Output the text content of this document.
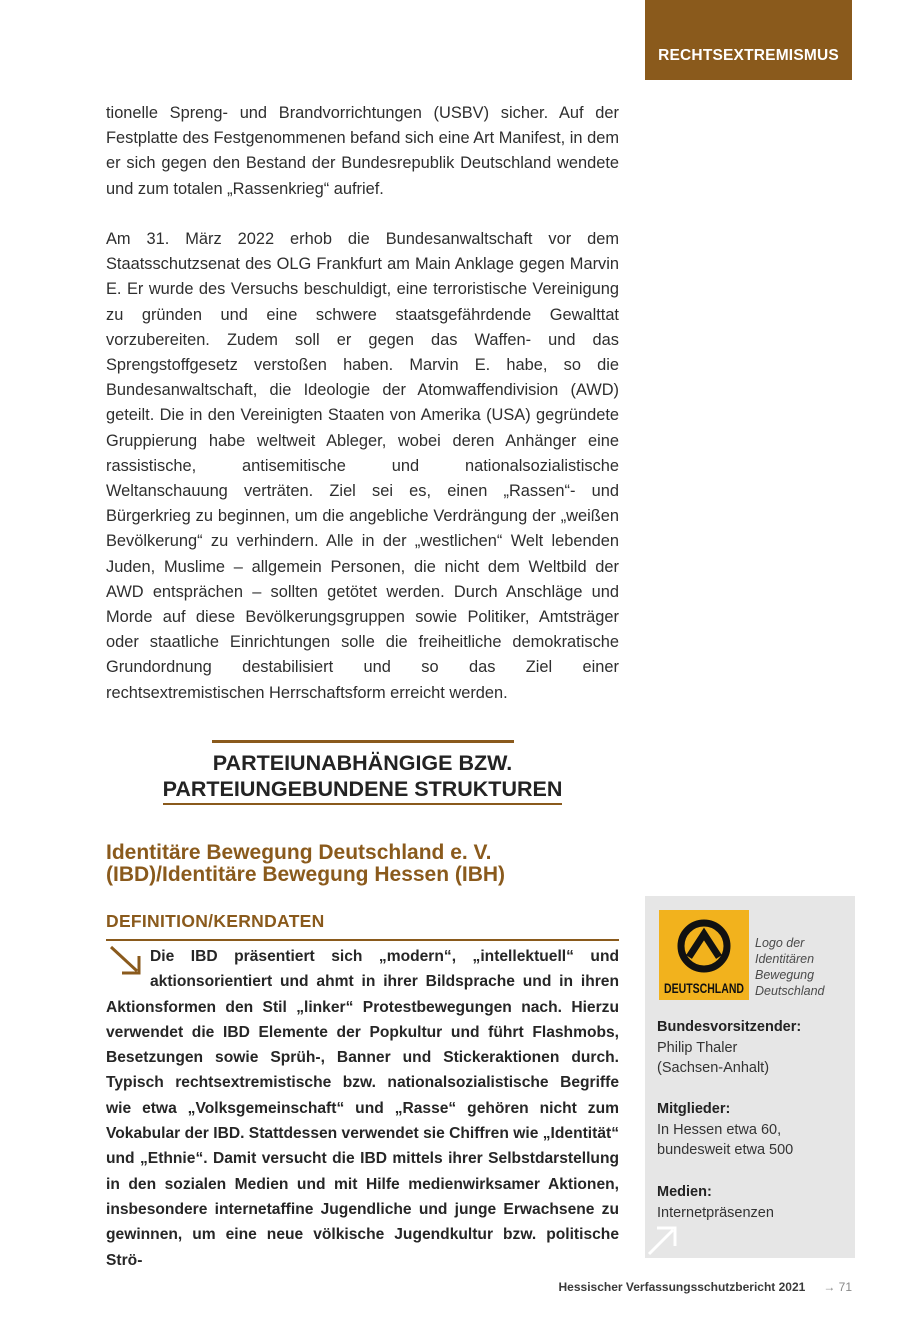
RECHTSEXTREMISMUS

tionelle Spreng- und Brandvorrichtungen (USBV) sicher. Auf der Festplatte des Festgenommenen befand sich eine Art Manifest, in dem er sich gegen den Bestand der Bundesrepublik Deutschland wendete und zum totalen „Rassenkrieg“ aufrief.

Am 31. März 2022 erhob die Bundesanwaltschaft vor dem Staatsschutzsenat des OLG Frankfurt am Main Anklage gegen Marvin E. Er wurde des Versuchs beschuldigt, eine terroristische Vereinigung zu gründen und eine schwere staatsgefährdende Gewalttat vorzubereiten. Zudem soll er gegen das Waffen- und das Sprengstoffgesetz verstoßen haben. Marvin E. habe, so die Bundesanwaltschaft, die Ideologie der Atomwaffendivision (AWD) geteilt. Die in den Vereinigten Staaten von Amerika (USA) gegründete Gruppierung habe weltweit Ableger, wobei deren Anhänger eine rassistische, antisemitische und nationalsozialistische Weltanschauung verträten. Ziel sei es, einen „Rassen“- und Bürgerkrieg zu beginnen, um die angebliche Verdrängung der „weißen Bevölkerung“ zu verhindern. Alle in der „westlichen“ Welt lebenden Juden, Muslime – allgemein Personen, die nicht dem Weltbild der AWD entsprächen – sollten getötet werden. Durch Anschläge und Morde auf diese Bevölkerungsgruppen sowie Politiker, Amtsträger oder staatliche Einrichtungen solle die freiheitliche demokratische Grundordnung destabilisiert und so das Ziel einer rechtsextremistischen Herrschaftsform erreicht werden.

PARTEIUNABHÄNGIGE BZW.
PARTEIUNGEBUNDENE STRUKTUREN
Identitäre Bewegung Deutschland e. V.
(IBD)/Identitäre Bewegung Hessen (IBH)
DEFINITION/KERNDATEN

Die IBD präsentiert sich „modern“, „intellektuell“ und aktionsorientiert und ahmt in ihrer Bildsprache und in ihren Aktionsformen den Stil „linker“ Protestbewegungen nach. Hierzu verwendet die IBD Elemente der Popkultur und führt Flashmobs, Besetzungen sowie Sprüh-, Banner und Stickeraktionen durch. Typisch rechtsextremistische bzw. nationalsozialistische Begriffe wie etwa „Volksgemeinschaft“ und „Rasse“ gehören nicht zum Vokabular der IBD. Stattdessen verwendet sie Chiffren wie „Identität“ und „Ethnie“. Damit versucht die IBD mittels ihrer Selbstdarstellung in den sozialen Medien und mit Hilfe medienwirksamer Aktionen, insbesondere internetaffine Jugendliche und junge Erwachsene zu gewinnen, um eine neue völkische Jugendkultur bzw. politische Strö-

DEUTSCHLAND
Logo der
Identitären
Bewegung
Deutschland
Bundesvorsitzender:
Philip Thaler
(Sachsen-Anhalt)
Mitglieder:
In Hessen etwa 60,
bundesweit etwa 500
Medien:
Internetpräsenzen
Hessischer Verfassungsschutzbericht 2021 → 71
